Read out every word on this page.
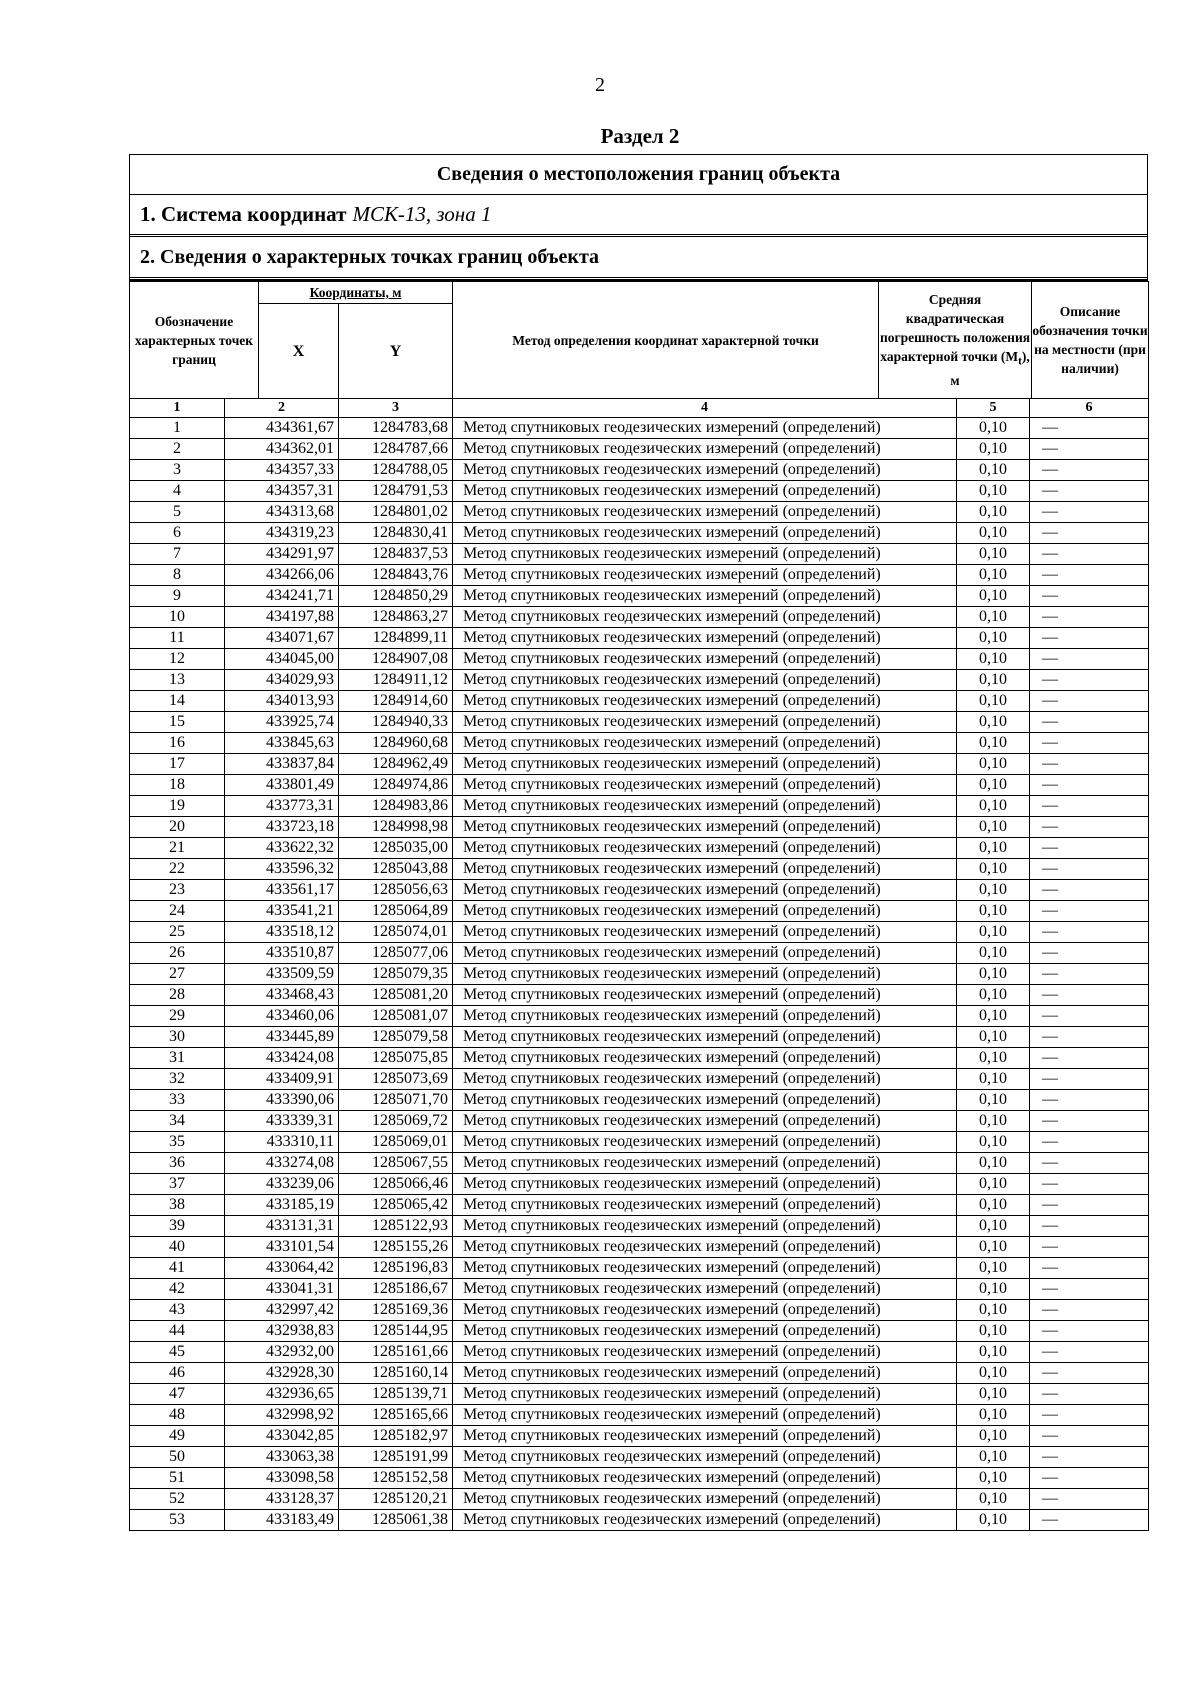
2
Раздел 2
Сведения о местоположения границ объекта
1. Система координат МСК-13, зона 1
2. Сведения о характерных точках границ объекта
Обозначение характерных точек границ	Координаты, м		Метод определения координат характерной точки	Средняя квадратическая погрешность положения характерной точки $(M_t)$, м	Описание обозначения точки на местности (при наличии)
	X	Y			
1	2	3	4	5	6
1	434361,67	1284783,68	Метод спутниковых геодезических измерений (определений)	0,10	—
2	434362,01	1284787,66	Метод спутниковых геодезических измерений (определений)	0,10	—
3	434357,33	1284788,05	Метод спутниковых геодезических измерений (определений)	0,10	—
4	434357,31	1284791,53	Метод спутниковых геодезических измерений (определений)	0,10	—
5	434313,68	1284801,02	Метод спутниковых геодезических измерений (определений)	0,10	—
6	434319,23	1284830,41	Метод спутниковых геодезических измерений (определений)	0,10	—
7	434291,97	1284837,53	Метод спутниковых геодезических измерений (определений)	0,10	—
8	434266,06	1284843,76	Метод спутниковых геодезических измерений (определений)	0,10	—
9	434241,71	1284850,29	Метод спутниковых геодезических измерений (определений)	0,10	—
10	434197,88	1284863,27	Метод спутниковых геодезических измерений (определений)	0,10	—
11	434071,67	1284899,11	Метод спутниковых геодезических измерений (определений)	0,10	—
12	434045,00	1284907,08	Метод спутниковых геодезических измерений (определений)	0,10	—
13	434029,93	1284911,12	Метод спутниковых геодезических измерений (определений)	0,10	—
14	434013,93	1284914,60	Метод спутниковых геодезических измерений (определений)	0,10	—
15	433925,74	1284940,33	Метод спутниковых геодезических измерений (определений)	0,10	—
16	433845,63	1284960,68	Метод спутниковых геодезических измерений (определений)	0,10	—
17	433837,84	1284962,49	Метод спутниковых геодезических измерений (определений)	0,10	—
18	433801,49	1284974,86	Метод спутниковых геодезических измерений (определений)	0,10	—
19	433773,31	1284983,86	Метод спутниковых геодезических измерений (определений)	0,10	—
20	433723,18	1284998,98	Метод спутниковых геодезических измерений (определений)	0,10	—
21	433622,32	1285035,00	Метод спутниковых геодезических измерений (определений)	0,10	—
22	433596,32	1285043,88	Метод спутниковых геодезических измерений (определений)	0,10	—
23	433561,17	1285056,63	Метод спутниковых геодезических измерений (определений)	0,10	—
24	433541,21	1285064,89	Метод спутниковых геодезических измерений (определений)	0,10	—
25	433518,12	1285074,01	Метод спутниковых геодезических измерений (определений)	0,10	—
26	433510,87	1285077,06	Метод спутниковых геодезических измерений (определений)	0,10	—
27	433509,59	1285079,35	Метод спутниковых геодезических измерений (определений)	0,10	—
28	433468,43	1285081,20	Метод спутниковых геодезических измерений (определений)	0,10	—
29	433460,06	1285081,07	Метод спутниковых геодезических измерений (определений)	0,10	—
30	433445,89	1285079,58	Метод спутниковых геодезических измерений (определений)	0,10	—
31	433424,08	1285075,85	Метод спутниковых геодезических измерений (определений)	0,10	—
32	433409,91	1285073,69	Метод спутниковых геодезических измерений (определений)	0,10	—
33	433390,06	1285071,70	Метод спутниковых геодезических измерений (определений)	0,10	—
34	433339,31	1285069,72	Метод спутниковых геодезических измерений (определений)	0,10	—
35	433310,11	1285069,01	Метод спутниковых геодезических измерений (определений)	0,10	—
36	433274,08	1285067,55	Метод спутниковых геодезических измерений (определений)	0,10	—
37	433239,06	1285066,46	Метод спутниковых геодезических измерений (определений)	0,10	—
38	433185,19	1285065,42	Метод спутниковых геодезических измерений (определений)	0,10	—
39	433131,31	1285122,93	Метод спутниковых геодезических измерений (определений)	0,10	—
40	433101,54	1285155,26	Метод спутниковых геодезических измерений (определений)	0,10	—
41	433064,42	1285196,83	Метод спутниковых геодезических измерений (определений)	0,10	—
42	433041,31	1285186,67	Метод спутниковых геодезических измерений (определений)	0,10	—
43	432997,42	1285169,36	Метод спутниковых геодезических измерений (определений)	0,10	—
44	432938,83	1285144,95	Метод спутниковых геодезических измерений (определений)	0,10	—
45	432932,00	1285161,66	Метод спутниковых геодезических измерений (определений)	0,10	—
46	432928,30	1285160,14	Метод спутниковых геодезических измерений (определений)	0,10	—
47	432936,65	1285139,71	Метод спутниковых геодезических измерений (определений)	0,10	—
48	432998,92	1285165,66	Метод спутниковых геодезических измерений (определений)	0,10	—
49	433042,85	1285182,97	Метод спутниковых геодезических измерений (определений)	0,10	—
50	433063,38	1285191,99	Метод спутниковых геодезических измерений (определений)	0,10	—
51	433098,58	1285152,58	Метод спутниковых геодезических измерений (определений)	0,10	—
52	433128,37	1285120,21	Метод спутниковых геодезических измерений (определений)	0,10	—
53	433183,49	1285061,38	Метод спутниковых геодезических измерений (определений)	0,10	—
